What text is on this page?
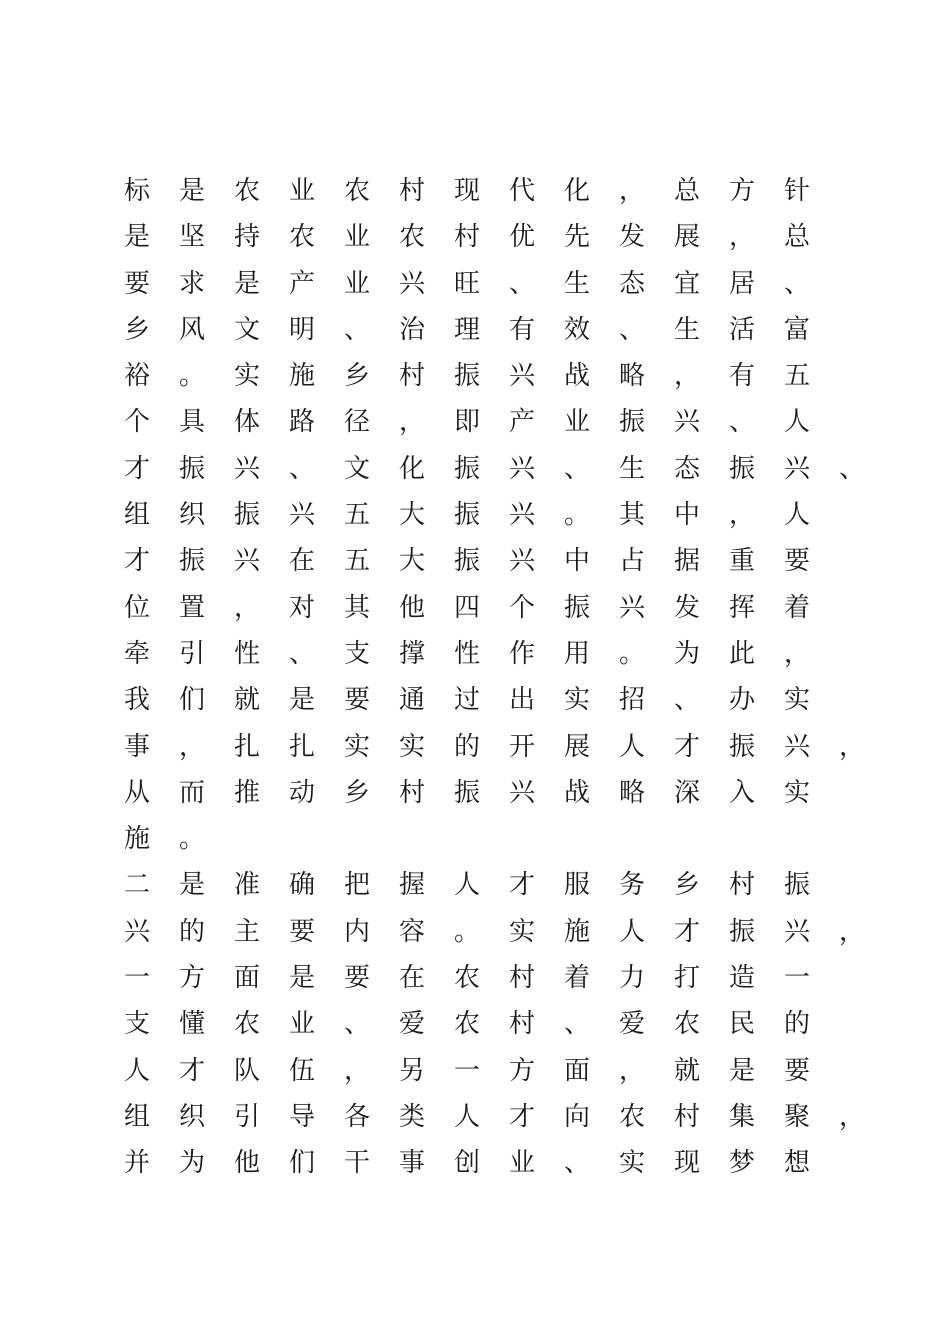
标是农业农村现代化，总方针
是坚持农业农村优先发展，总
要求是产业兴旺、生态宜居、
乡风文明、治理有效、生活富
裕。实施乡村振兴战略，有五
个具体路径，即产业振兴、人
才振兴、文化振兴、生态振兴、
组织振兴五大振兴。其中，人
才振兴在五大振兴中占据重要
位置，对其他四个振兴发挥着
牵引性、支撑性作用。为此，
我们就是要通过出实招、办实
事，扎扎实实的开展人才振兴，
从而推动乡村振兴战略深入实
施。
二是准确把握人才服务乡村振
兴的主要内容。实施人才振兴，
一方面是要在农村着力打造一
支懂农业、爱农村、爱农民的
人才队伍，另一方面，就是要
组织引导各类人才向农村集聚，
并为他们干事创业、实现梦想
